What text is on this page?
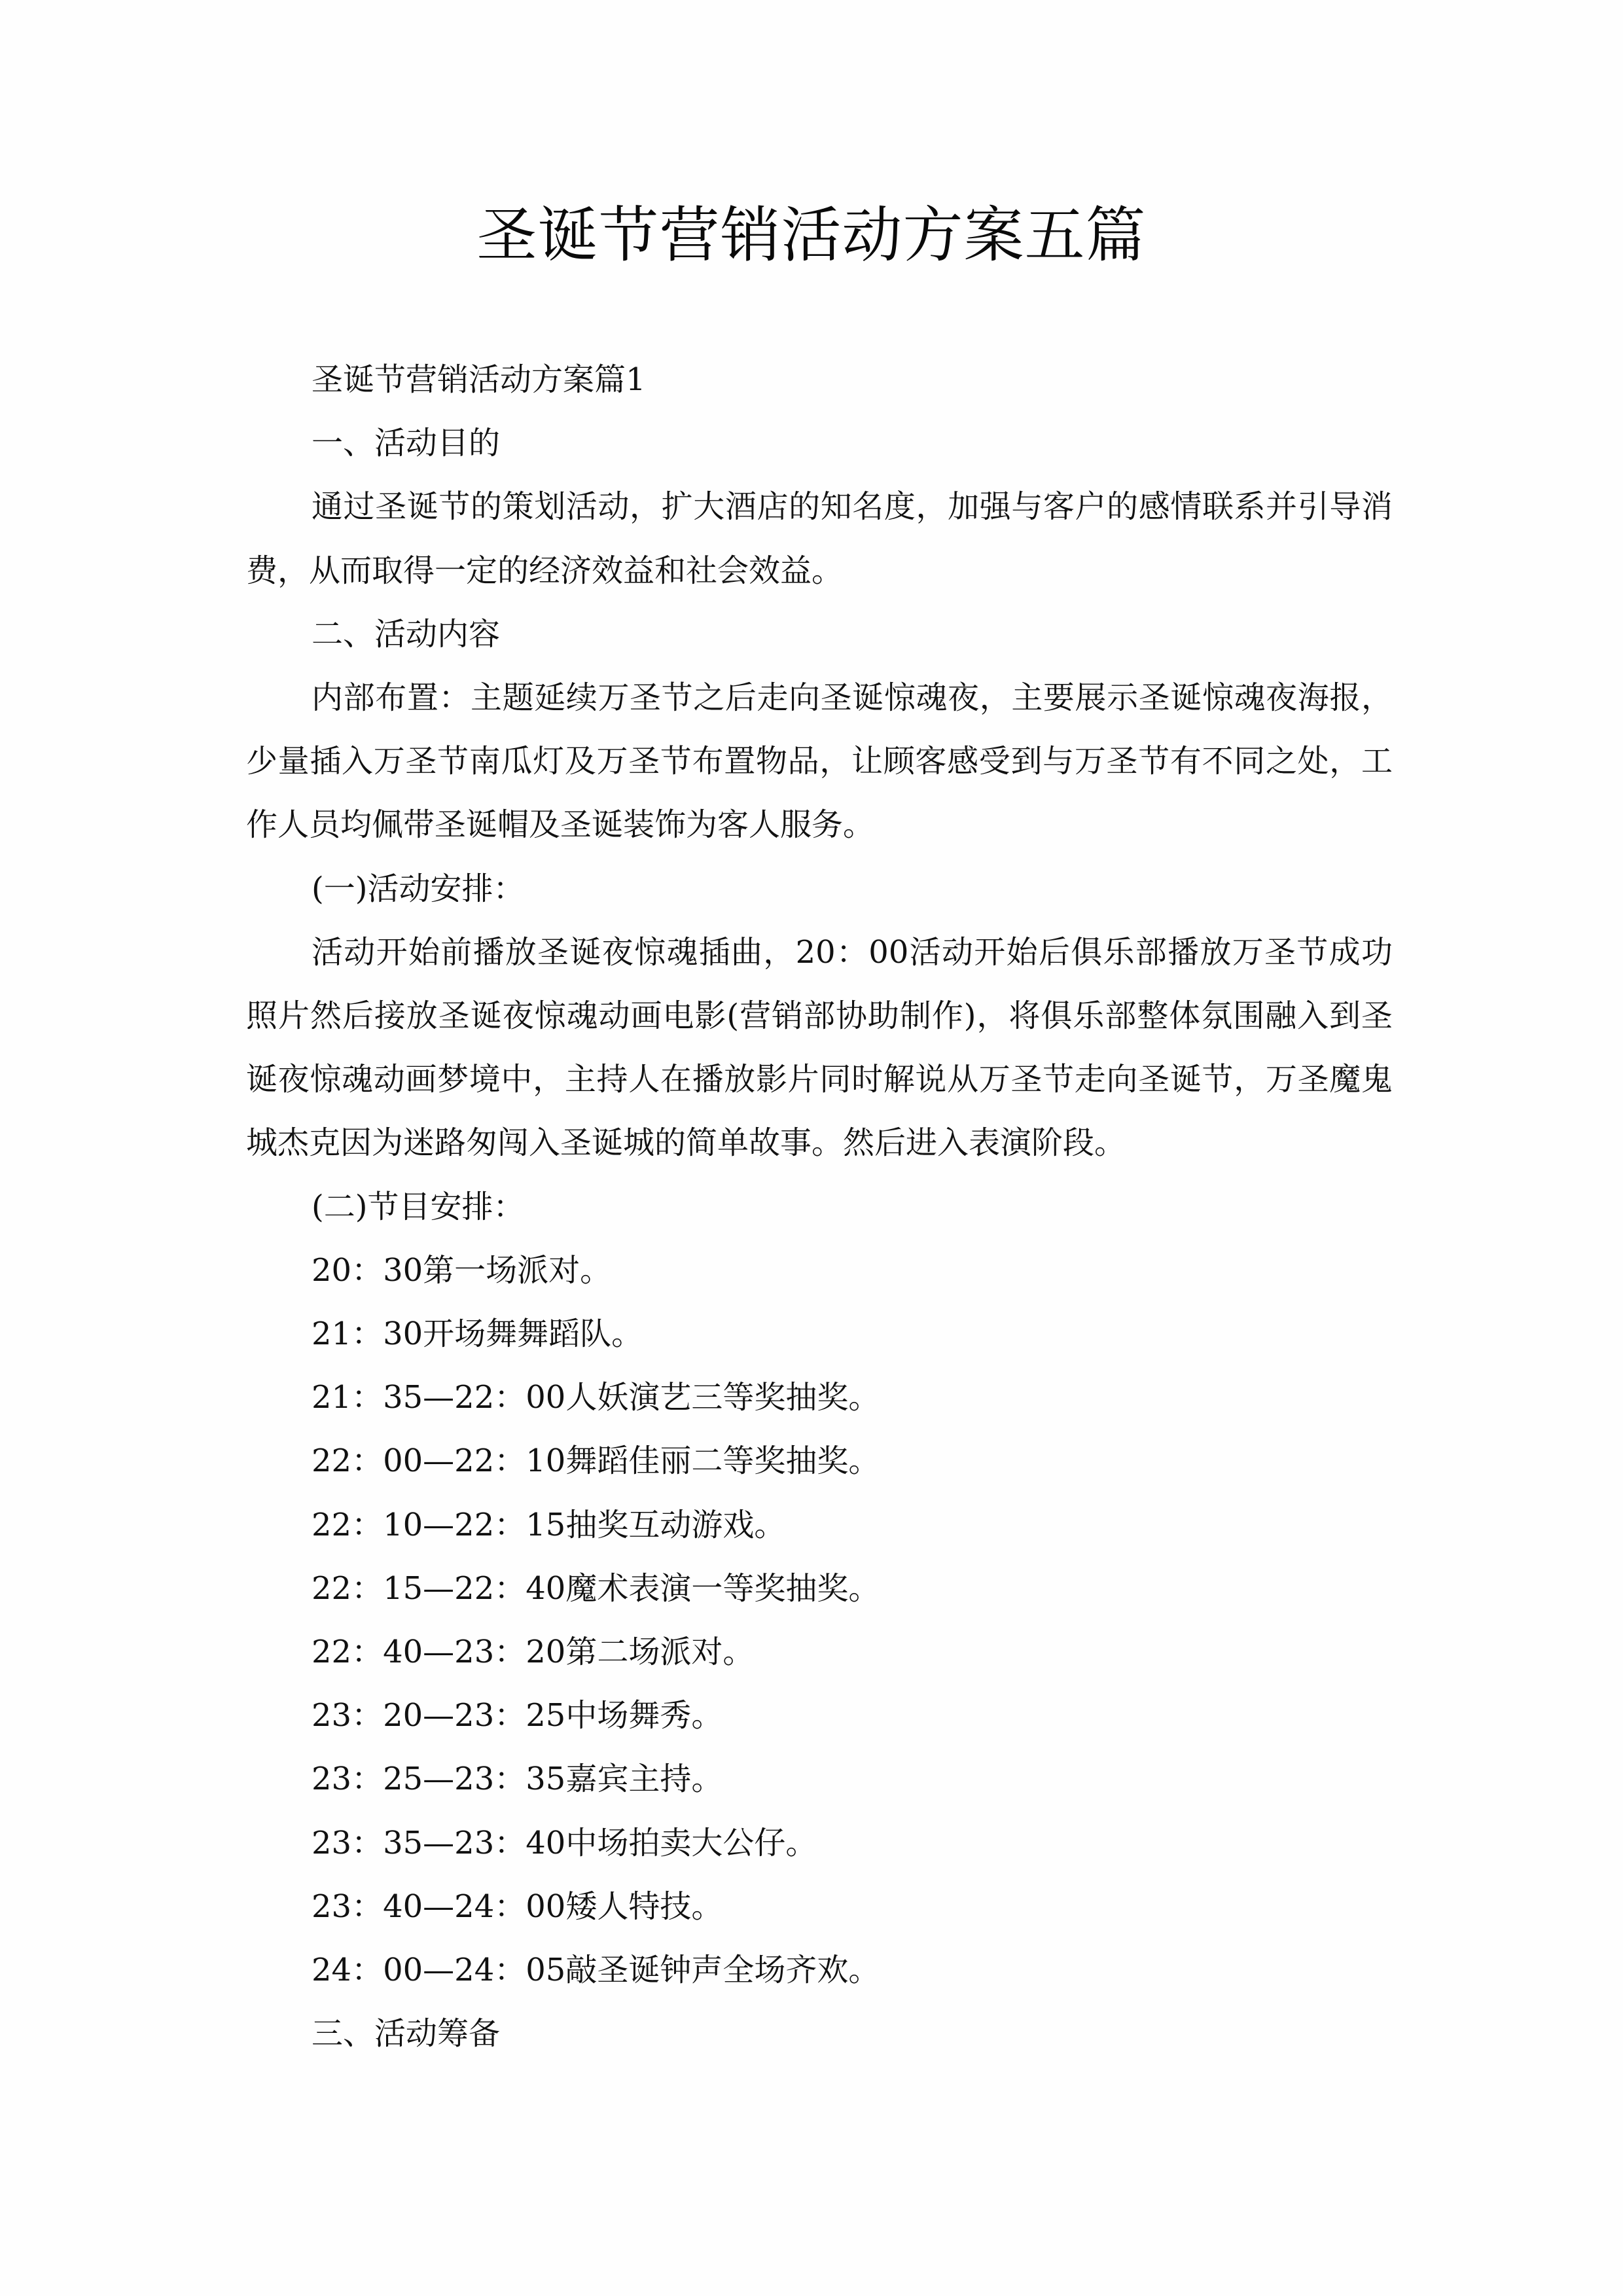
圣诞节营销活动方案五篇

圣诞节营销活动方案篇1

一、活动目的

通过圣诞节的策划活动，扩大酒店的知名度，加强与客户的感情联系并引导消费，从而取得一定的经济效益和社会效益。

二、活动内容

内部布置：主题延续万圣节之后走向圣诞惊魂夜，主要展示圣诞惊魂夜海报，少量插入万圣节南瓜灯及万圣节布置物品，让顾客感受到与万圣节有不同之处，工作人员均佩带圣诞帽及圣诞装饰为客人服务。

(一)活动安排：

活动开始前播放圣诞夜惊魂插曲，20：00活动开始后俱乐部播放万圣节成功照片然后接放圣诞夜惊魂动画电影(营销部协助制作)，将俱乐部整体氛围融入到圣诞夜惊魂动画梦境中，主持人在播放影片同时解说从万圣节走向圣诞节，万圣魔鬼城杰克因为迷路匆闯入圣诞城的简单故事。然后进入表演阶段。

(二)节目安排：

20：30第一场派对。

21：30开场舞舞蹈队。

21：35—22：00人妖演艺三等奖抽奖。

22：00—22：10舞蹈佳丽二等奖抽奖。

22：10—22：15抽奖互动游戏。

22：15—22：40魔术表演一等奖抽奖。

22：40—23：20第二场派对。

23：20—23：25中场舞秀。

23：25—23：35嘉宾主持。

23：35—23：40中场拍卖大公仔。

23：40—24：00矮人特技。

24：00—24：05敲圣诞钟声全场齐欢。

三、活动筹备
